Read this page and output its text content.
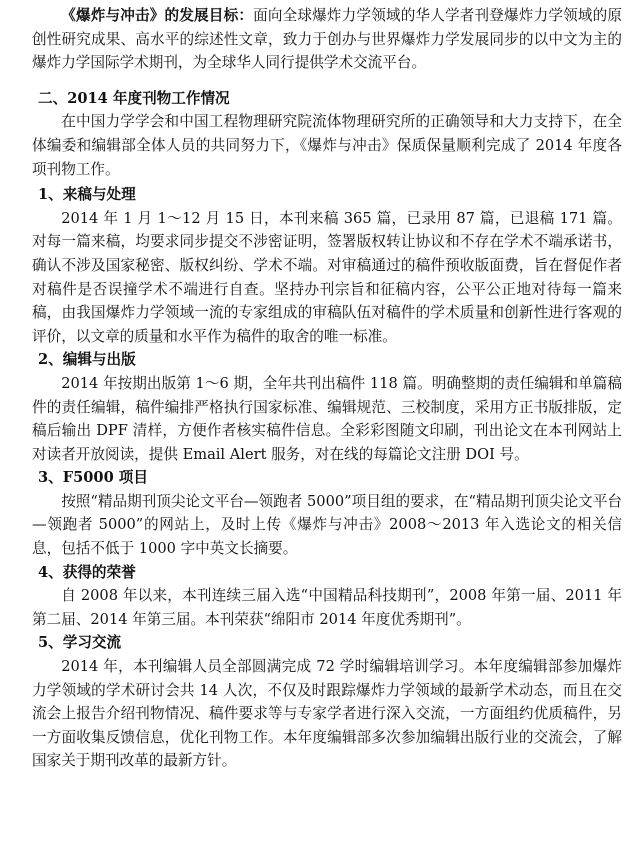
《爆炸与冲击》的发展目标：面向全球爆炸力学领域的华人学者刊登爆炸力学领域的原创性研究成果、高水平的综述性文章，致力于创办与世界爆炸力学发展同步的以中文为主的爆炸力学国际学术期刊，为全球华人同行提供学术交流平台。

二、2014 年度刊物工作情况

在中国力学学会和中国工程物理研究院流体物理研究所的正确领导和大力支持下，在全体编委和编辑部全体人员的共同努力下，《爆炸与冲击》保质保量顺利完成了 2014 年度各项刊物工作。

1、来稿与处理

2014 年 1 月 1～12 月 15 日，本刊来稿 365 篇，已录用 87 篇，已退稿 171 篇。对每一篇来稿，均要求同步提交不涉密证明，签署版权转让协议和不存在学术不端承诺书，确认不涉及国家秘密、版权纠纷、学术不端。对审稿通过的稿件预收版面费，旨在督促作者对稿件是否误撞学术不端进行自查。坚持办刊宗旨和征稿内容，公平公正地对待每一篇来稿，由我国爆炸力学领域一流的专家组成的审稿队伍对稿件的学术质量和创新性进行客观的评价，以文章的质量和水平作为稿件的取舍的唯一标准。

2、编辑与出版

2014 年按期出版第 1～6 期，全年共刊出稿件 118 篇。明确整期的责任编辑和单篇稿件的责任编辑，稿件编排严格执行国家标准、编辑规范、三校制度，采用方正书版排版，定稿后输出 DPF 清样，方便作者核实稿件信息。全彩彩图随文印刷，刊出论文在本刊网站上对读者开放阅读，提供 Email Alert 服务，对在线的每篇论文注册 DOI 号。

3、F5000 项目

按照“精品期刊顶尖论文平台—领跑者 5000”项目组的要求，在“精品期刊顶尖论文平台—领跑者 5000”的网站上，及时上传《爆炸与冲击》2008～2013 年入选论文的相关信息，包括不低于 1000 字中英文长摘要。

4、获得的荣誉

自 2008 年以来，本刊连续三届入选“中国精品科技期刊”，2008 年第一届、2011 年第二届、2014 年第三届。本刊荣获“绵阳市 2014 年度优秀期刊”。

5、学习交流

2014 年，本刊编辑人员全部圆满完成 72 学时编辑培训学习。本年度编辑部参加爆炸力学领域的学术研讨会共 14 人次，不仅及时跟踪爆炸力学领域的最新学术动态，而且在交流会上报告介绍刊物情况、稿件要求等与专家学者进行深入交流，一方面组约优质稿件，另一方面收集反馈信息，优化刊物工作。本年度编辑部多次参加编辑出版行业的交流会，了解国家关于期刊改革的最新方针。
